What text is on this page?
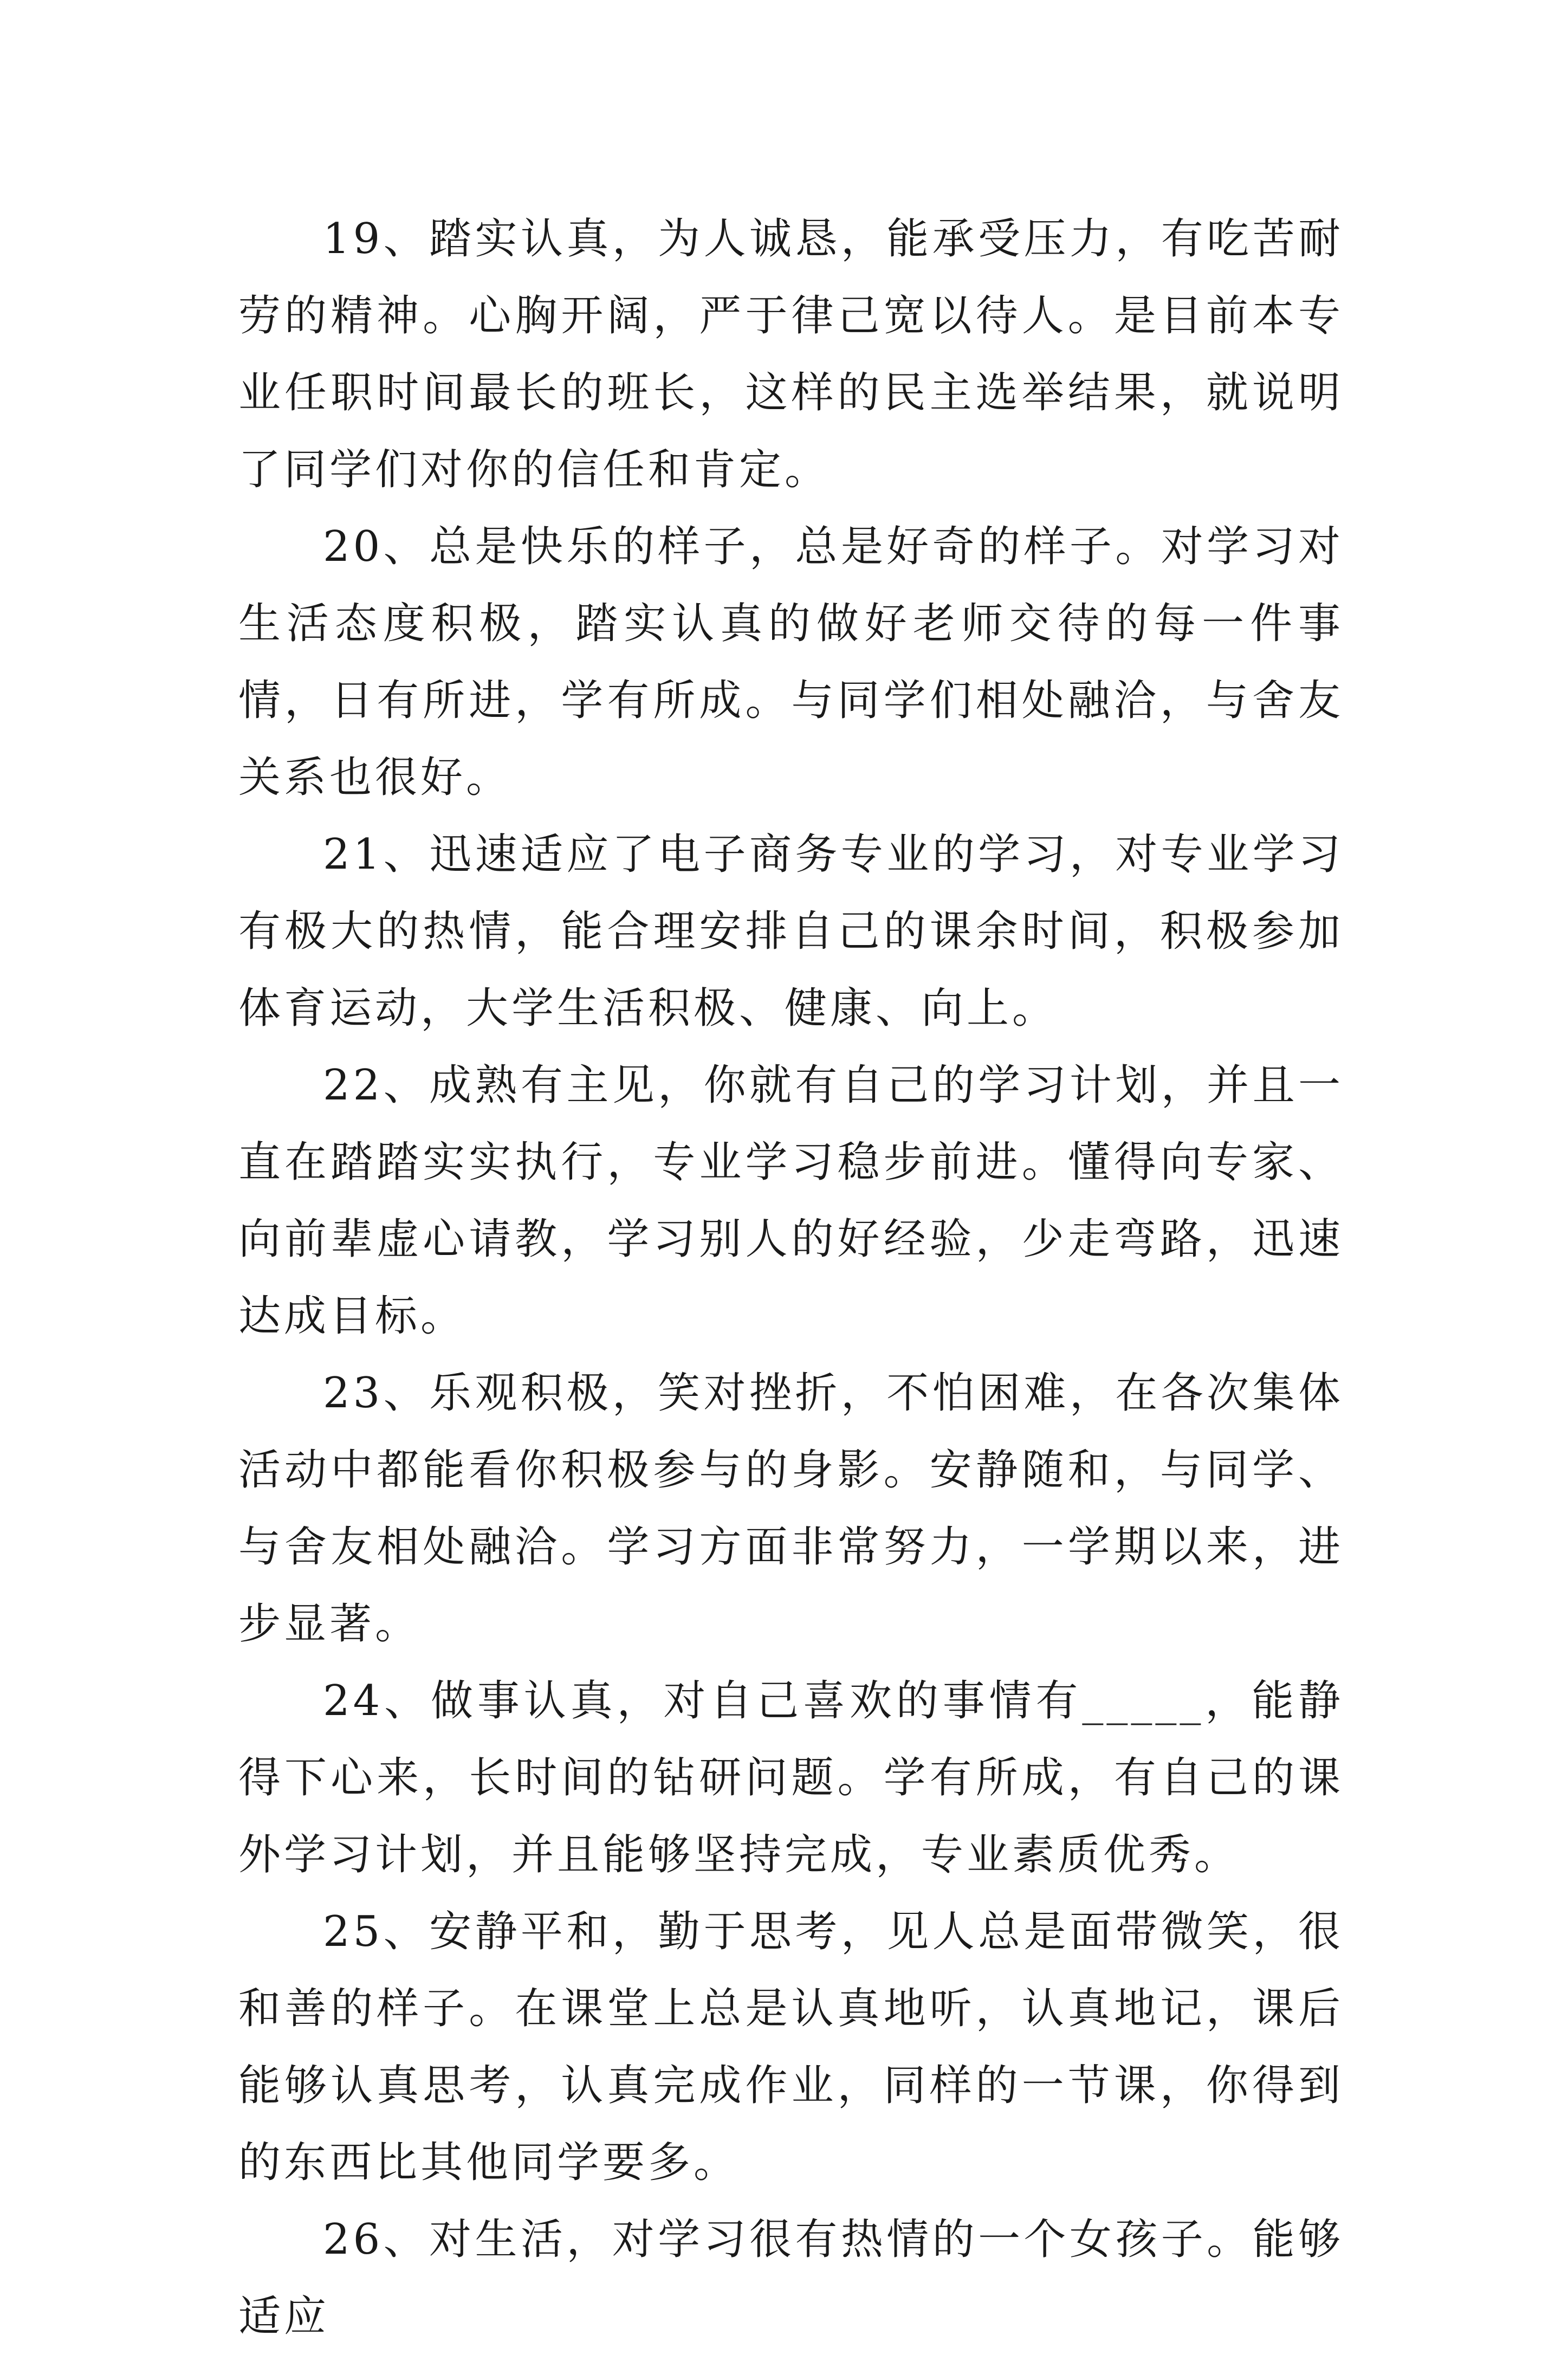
19、踏实认真，为人诚恳，能承受压力，有吃苦耐劳的精神。心胸开阔，严于律己宽以待人。是目前本专业任职时间最长的班长，这样的民主选举结果，就说明了同学们对你的信任和肯定。

20、总是快乐的样子，总是好奇的样子。对学习对生活态度积极，踏实认真的做好老师交待的每一件事情，日有所进，学有所成。与同学们相处融洽，与舍友关系也很好。

21、迅速适应了电子商务专业的学习，对专业学习有极大的热情，能合理安排自己的课余时间，积极参加体育运动，大学生活积极、健康、向上。

22、成熟有主见，你就有自己的学习计划，并且一直在踏踏实实执行，专业学习稳步前进。懂得向专家、向前辈虚心请教，学习别人的好经验，少走弯路，迅速达成目标。

23、乐观积极，笑对挫折，不怕困难，在各次集体活动中都能看你积极参与的身影。安静随和，与同学、与舍友相处融洽。学习方面非常努力，一学期以来，进步显著。

24、做事认真，对自己喜欢的事情有_____，能静得下心来，长时间的钻研问题。学有所成，有自己的课外学习计划，并且能够坚持完成，专业素质优秀。

25、安静平和，勤于思考，见人总是面带微笑，很和善的样子。在课堂上总是认真地听，认真地记，课后能够认真思考，认真完成作业，同样的一节课，你得到的东西比其他同学要多。

26、对生活，对学习很有热情的一个女孩子。能够适应
